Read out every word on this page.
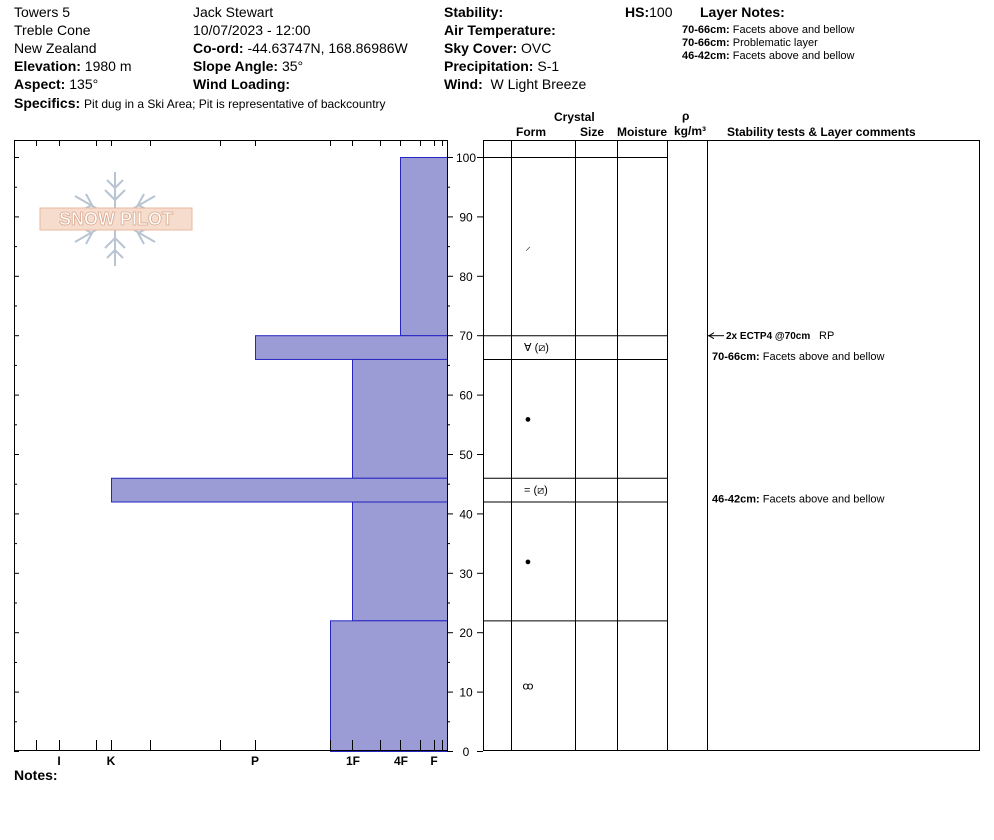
Towers 5
Treble Cone
New Zealand
Elevation: 1980 m
Aspect: 135°
Specifics: Pit dug in a Ski Area; Pit is representative of backcountry
Jack Stewart
10/07/2023 - 12:00
Co-ord: -44.63747N, 168.86986W
Slope Angle: 35°
Wind Loading:
Stability:
Air Temperature:
Sky Cover: OVC
Precipitation: S-1
Wind: W Light Breeze
HS:100 Layer Notes:
70-66cm: Facets above and bellow
70-66cm: Problematic layer
46-42cm: Facets above and bellow
Crystal
Form	Size Moisture
ρ
kg/m³ Stability tests & Layer comments
Notes:
SNOW PILOT
0
10
20
30
40
50
60
70
80
90
100
I	K	P	1F	4F F
⸝
∀ (⧄)
●
= (⧄)
●
ꝏ
2x ECTP4 @70cm RP
70-66cm: Facets above and bellow
46-42cm: Facets above and bellow
